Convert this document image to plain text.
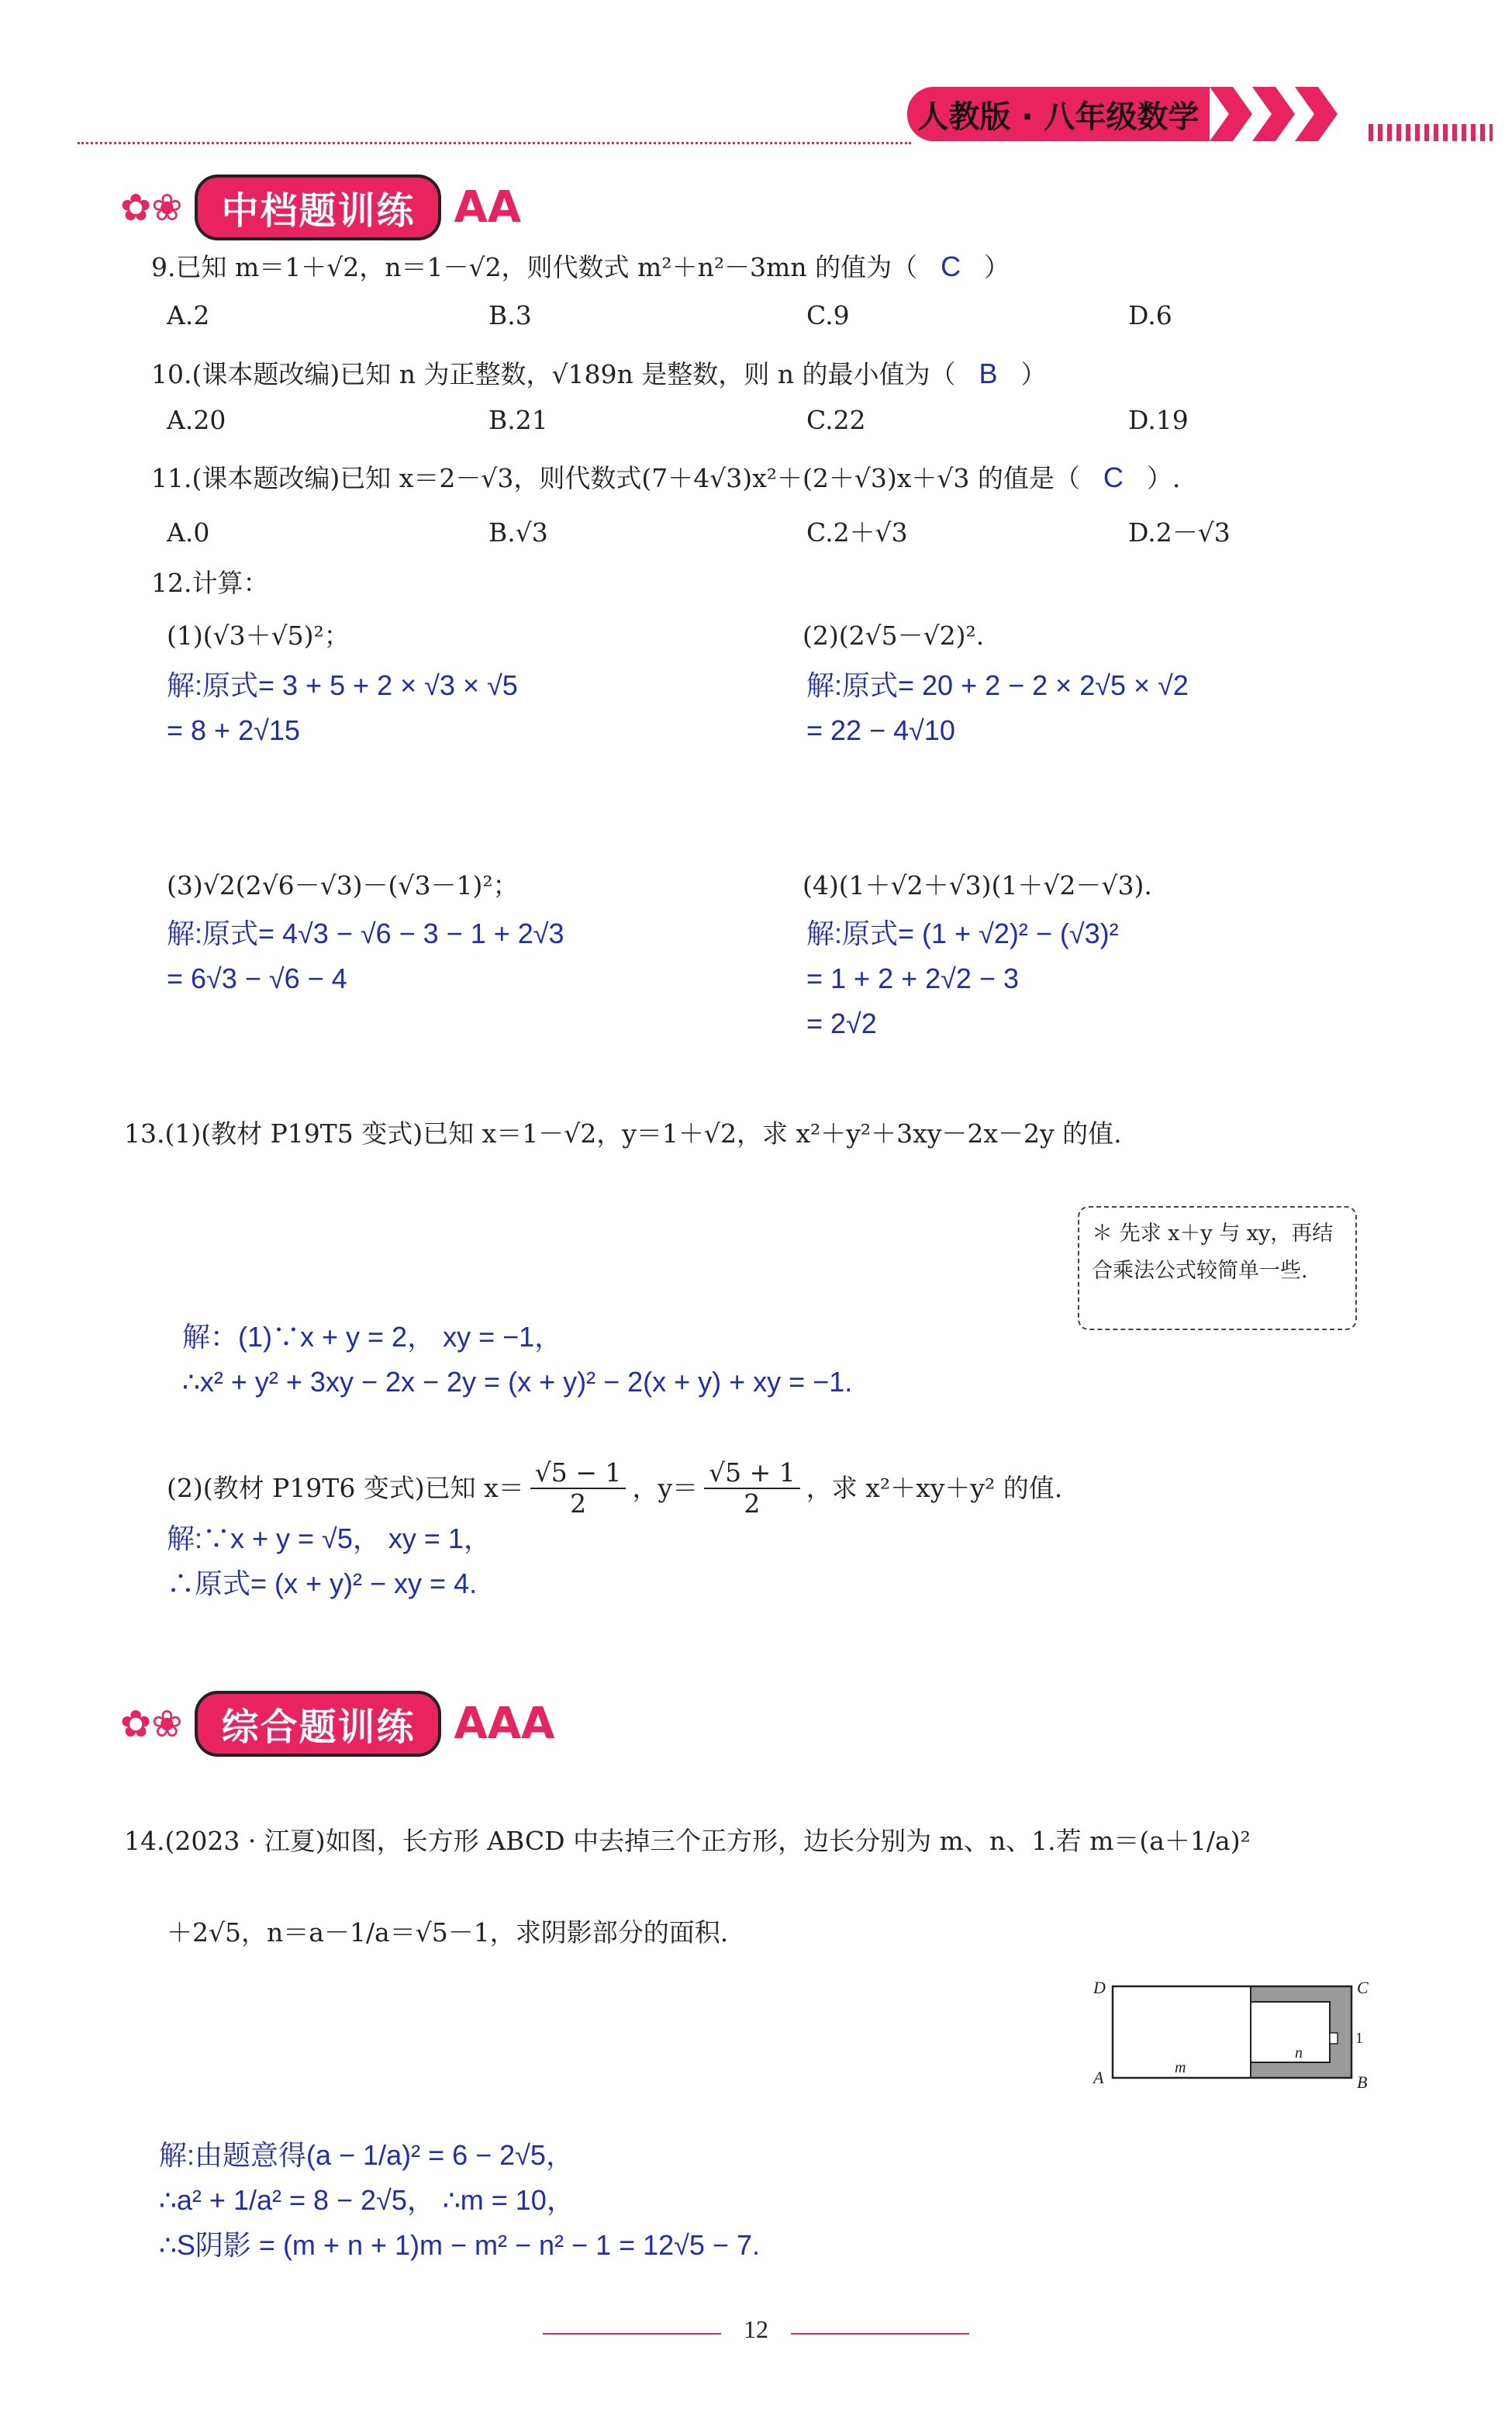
人教版 · 八年级数学
✿❀	中档题训练 AA
9.已知 m＝1＋√2，n＝1－√2，则代数式 m²＋n²－3mn 的值为（ C ）
A.2	B.3	C.9	D.6
10.(课本题改编)已知 n 为正整数，√189n 是整数，则 n 的最小值为（ B ）
A.20	B.21	C.22	D.19
11.(课本题改编)已知 x＝2－√3，则代数式(7＋4√3)x²＋(2＋√3)x＋√3 的值是（ C ）.
A.0	B.√3	C.2＋√3	D.2－√3
12.计算：
(1)(√3＋√5)²；
解:原式= 3 + 5 + 2 × √3 × √5
= 8 + 2√15
(2)(2√5－√2)².
解:原式= 20 + 2 − 2 × 2√5 × √2
= 22 − 4√10
(3)√2(2√6－√3)－(√3－1)²；
解:原式= 4√3 − √6 − 3 − 1 + 2√3
= 6√3 − √6 − 4
(4)(1＋√2＋√3)(1＋√2－√3).
解:原式= (1 + √2)² − (√3)²
= 1 + 2 + 2√2 − 3
= 2√2
13.(1)(教材 P19T5 变式)已知 x＝1－√2，y＝1＋√2，求 x²＋y²＋3xy－2x－2y 的值.
＊ 先求 x＋y 与 xy，再结合乘法公式较简单一些.
解：(1)∵x + y = 2， xy = −1，
∴x² + y² + 3xy − 2x − 2y = (x + y)² − 2(x + y) + xy = −1.
(2)(教材 P19T6 变式)已知 $x= \frac{√5 - 1}{2}$ ，$y= \frac{√5 + 1}{2}$ ，求 x²＋xy＋y² 的值.
解:∵x + y = √5， xy = 1，
∴原式= (x + y)² − xy = 4.
✿❀	综合题训练 AAA
14.(2023 · 江夏)如图，长方形 ABCD 中去掉三个正方形，边长分别为 m、n、1.若 m＝(a＋1/a)²
＋2√5，n＝a－1/a＝√5－1，求阴影部分的面积.
D	C
A	B
m
n
1
解:由题意得(a − 1/a)² = 6 − 2√5，
∴a² + 1/a² = 8 − 2√5， ∴m = 10，
∴S阴影 = (m + n + 1)m − m² − n² − 1 = 12√5 − 7.
12
